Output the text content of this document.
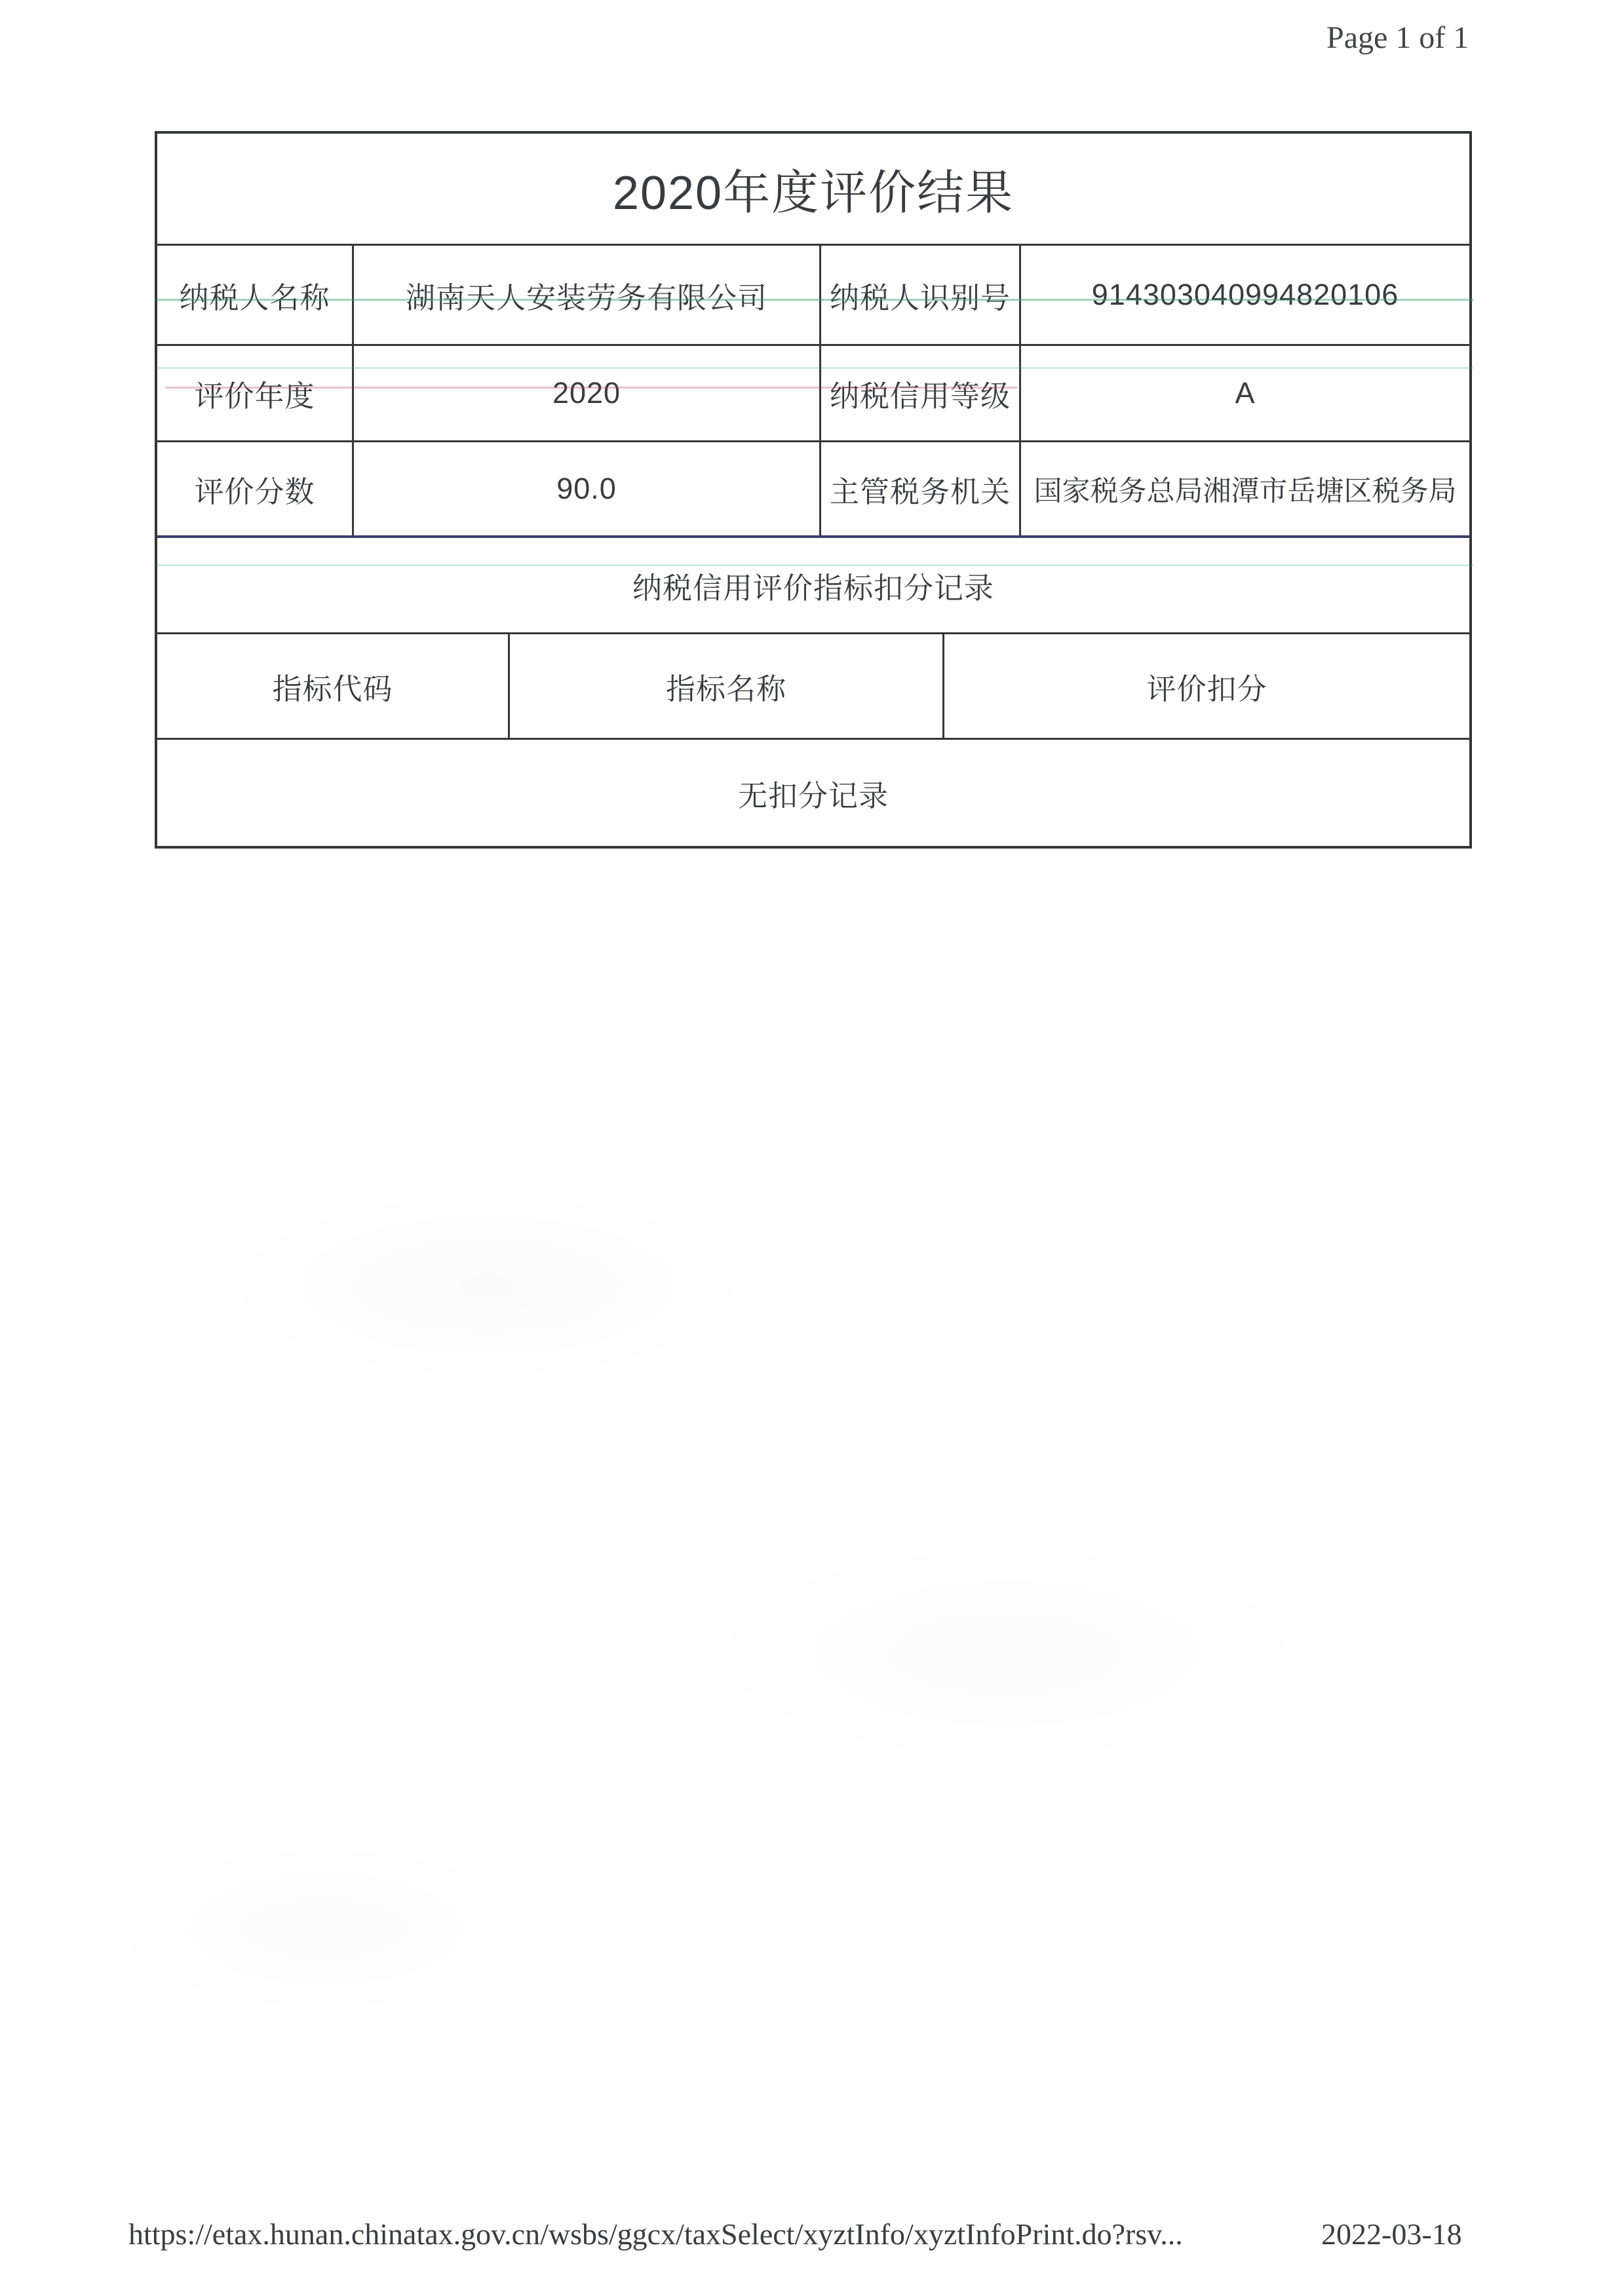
Page 1 of 1
2020年度评价结果
纳税人名称	湖南天人安装劳务有限公司	纳税人识别号	914303040994820106
评价年度	2020	纳税信用等级	A
评价分数	90.0	主管税务机关 国家税务总局湘潭市岳塘区税务局
纳税信用评价指标扣分记录
指标代码	指标名称	评价扣分
无扣分记录
https://etax.hunan.chinatax.gov.cn/wsbs/ggcx/taxSelect/xyztInfo/xyztInfoPrint.do?rsv...	2022-03-18
